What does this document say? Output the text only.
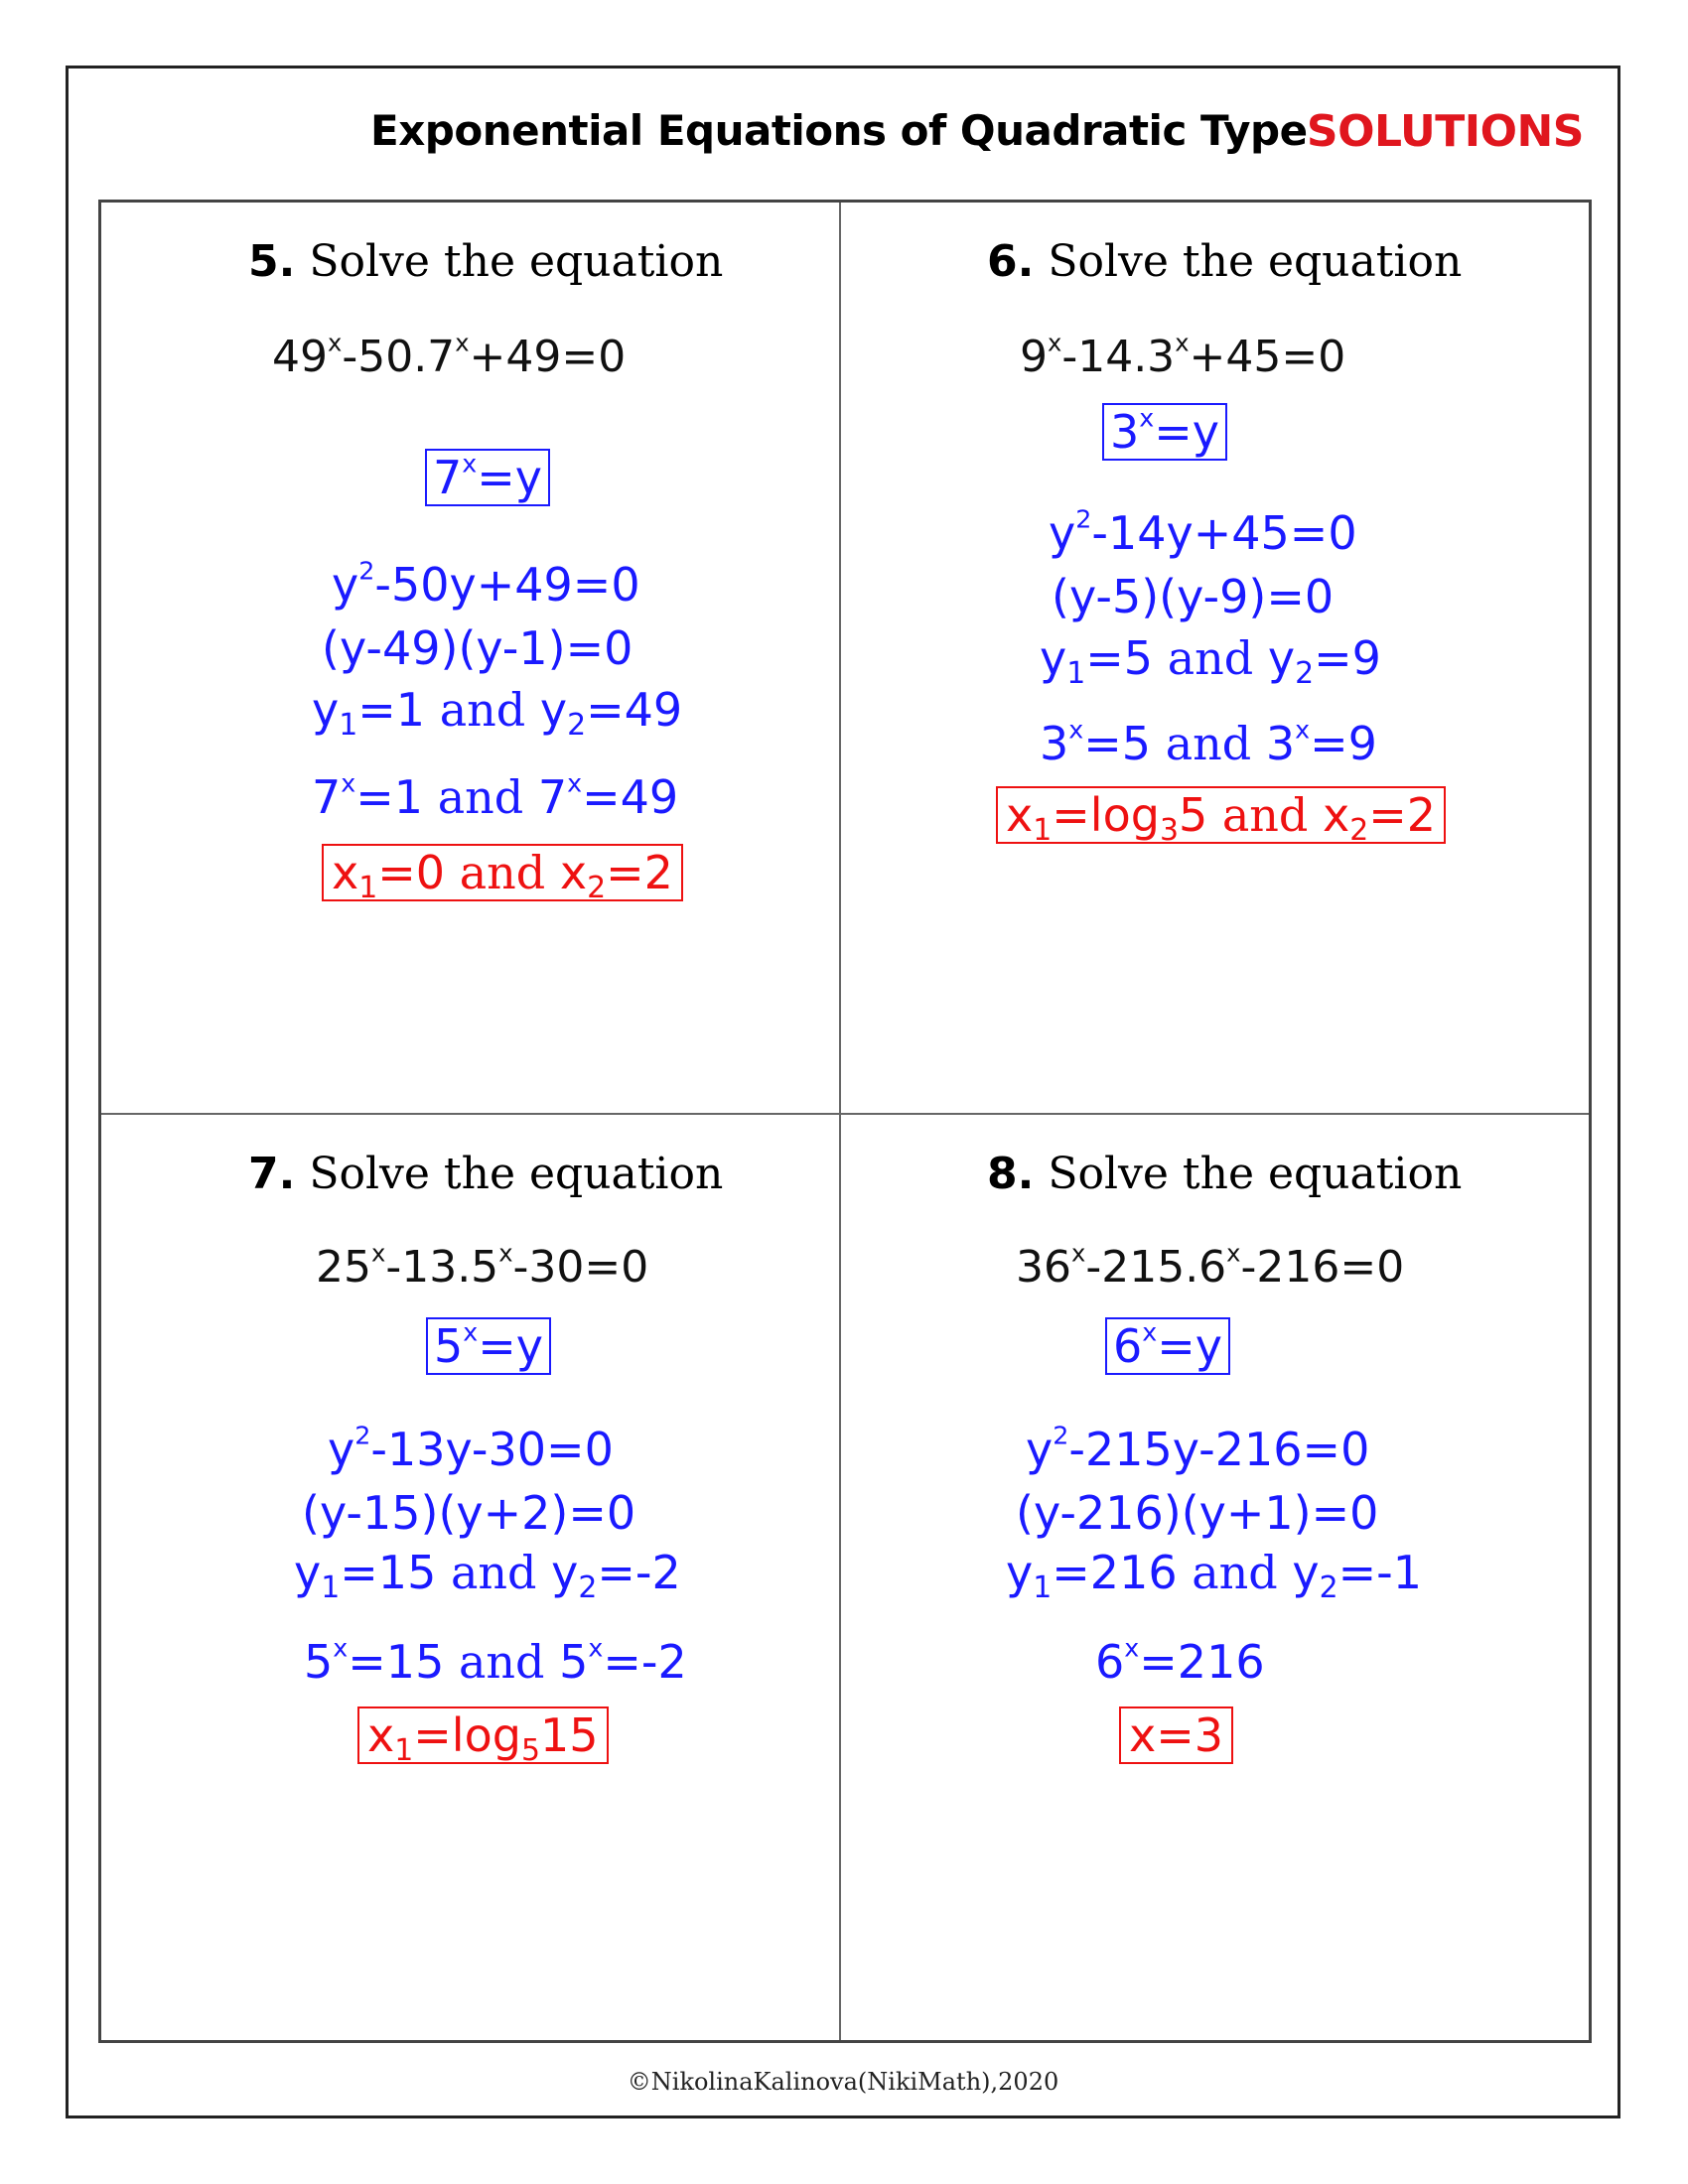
Exponential Equations of Quadratic Type SOLUTIONS
5. Solve the equation
$49^x-50.7^x+49=0$
$7^x=y$
$y^2-50y+49=0$
(y-49)(y-1)=0
$y_1=1$ and $y_2=49$
$7^x=1$ and $7^x=49$
$x_1=0$ and $x_2=2$
6. Solve the equation
$9^x-14.3^x+45=0$
$3^x=y$
$y^2-14y+45=0$
(y-5)(y-9)=0
$y_1=5$ and $y_2=9$
$3^x=5$ and $3^x=9$
$x_1=\log_35$ and $x_2=2$
7. Solve the equation
$25^x-13.5^x-30=0$
$5^x=y$
$y^2-13y-30=0$
(y-15)(y+2)=0
$y_1=15$ and $y_2=-2$
$5^x=15$ and $5^x=-2$
$x_1=\log_515$
8. Solve the equation
$36^x-215.6^x-216=0$
$6^x=y$
$y^2-215y-216=0$
(y-216)(y+1)=0
$y_1=216$ and $y_2=-1$
$6^x=216$
x=3
©NikolinaKalinova(NikiMath),2020
